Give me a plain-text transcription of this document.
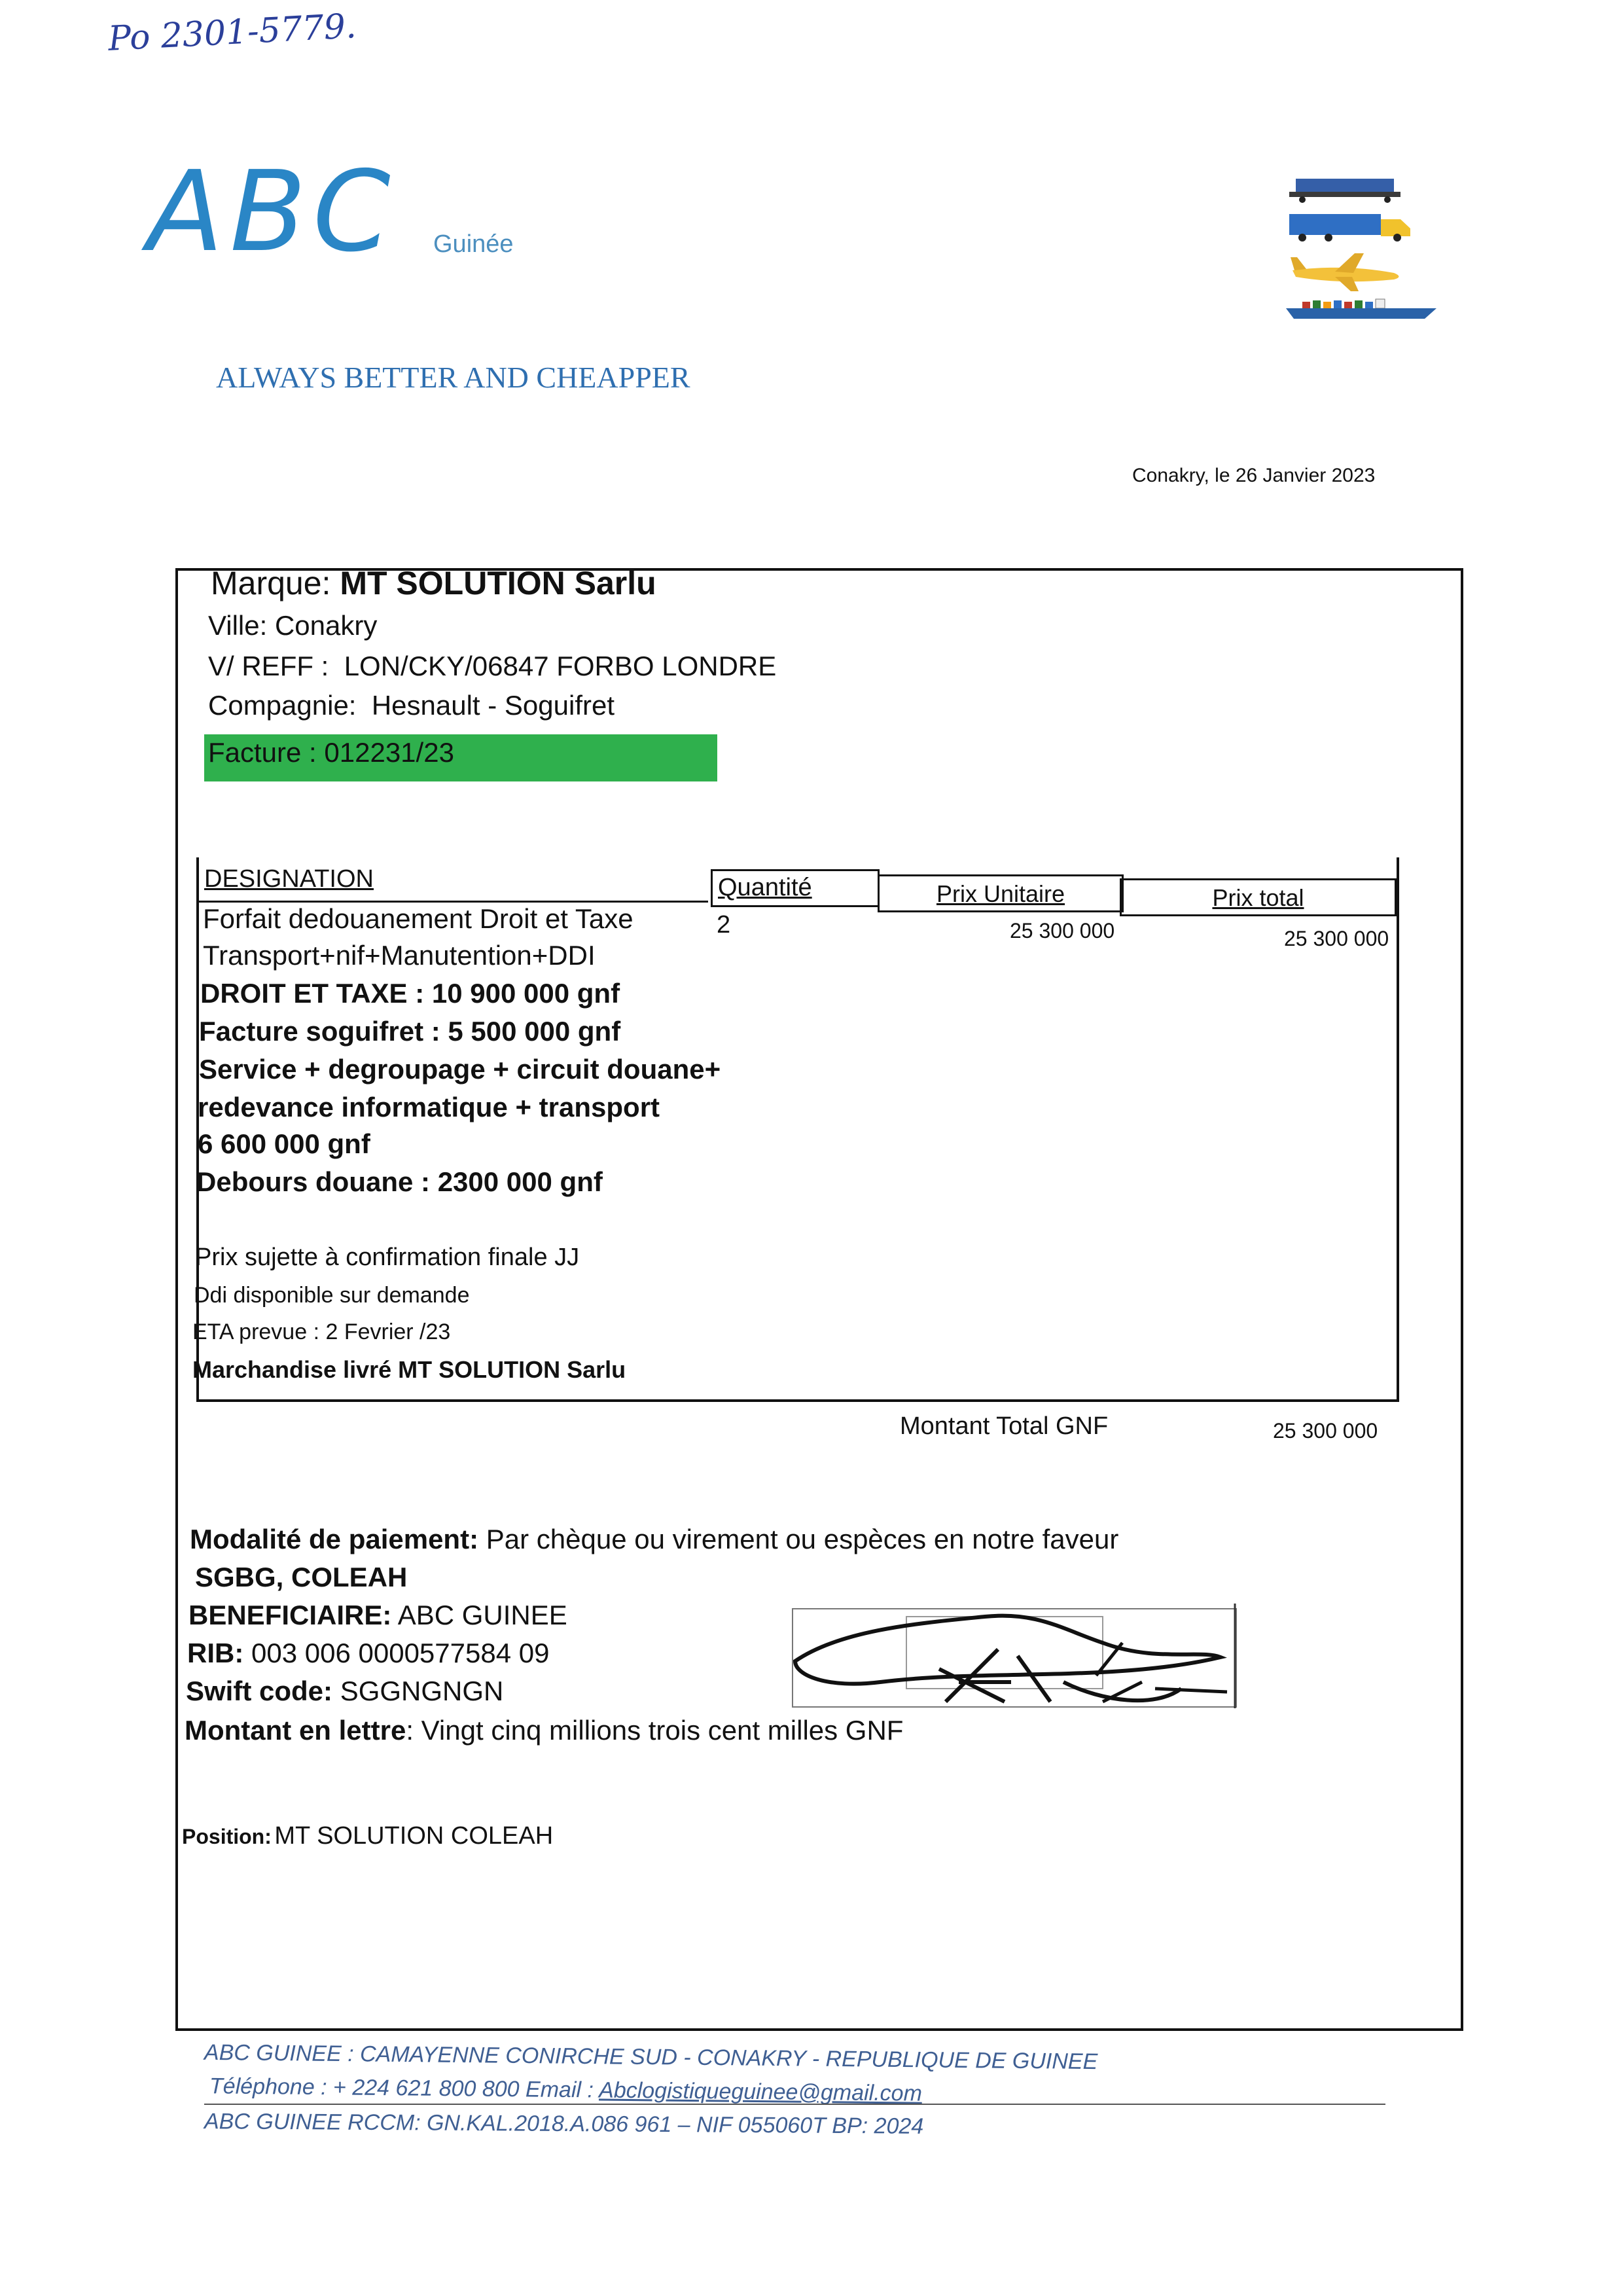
Po 2301-5779.
ABC Guinée
ALWAYS BETTER AND CHEAPPER
Conakry, le 26 Janvier 2023
Marque: MT SOLUTION Sarlu
Ville: Conakry
V/ REFF : LON/CKY/06847 FORBO LONDRE
Compagnie: Hesnault - Soguifret
Facture : 012231/23
DESIGNATION	Quantité	Prix Unitaire	Prix total
Forfait dedouanement Droit et Taxe
Transport+nif+Manutention+DDI
2	25 300 000	25 300 000
DROIT ET TAXE : 10 900 000 gnf
Facture soguifret : 5 500 000 gnf
Service + degroupage + circuit douane+
redevance informatique + transport
6 600 000 gnf
Debours douane : 2300 000 gnf
Prix sujette à confirmation finale JJ
Ddi disponible sur demande
ETA prevue : 2 Fevrier /23
Marchandise livré MT SOLUTION Sarlu
Montant Total GNF	25 300 000
Modalité de paiement: Par chèque ou virement ou espèces en notre faveur
SGBG, COLEAH
BENEFICIAIRE: ABC GUINEE
RIB: 003 006 0000577584 09
Swift code: SGGNGNGN
Montant en lettre: Vingt cinq millions trois cent milles GNF
Position: MT SOLUTION COLEAH
ABC GUINEE : CAMAYENNE CONIRCHE SUD - CONAKRY - REPUBLIQUE DE GUINEE
Téléphone : + 224 621 800 800 Email : Abclogistiqueguinee@gmail.com
ABC GUINEE RCCM: GN.KAL.2018.A.086 961 – NIF 055060T BP: 2024
